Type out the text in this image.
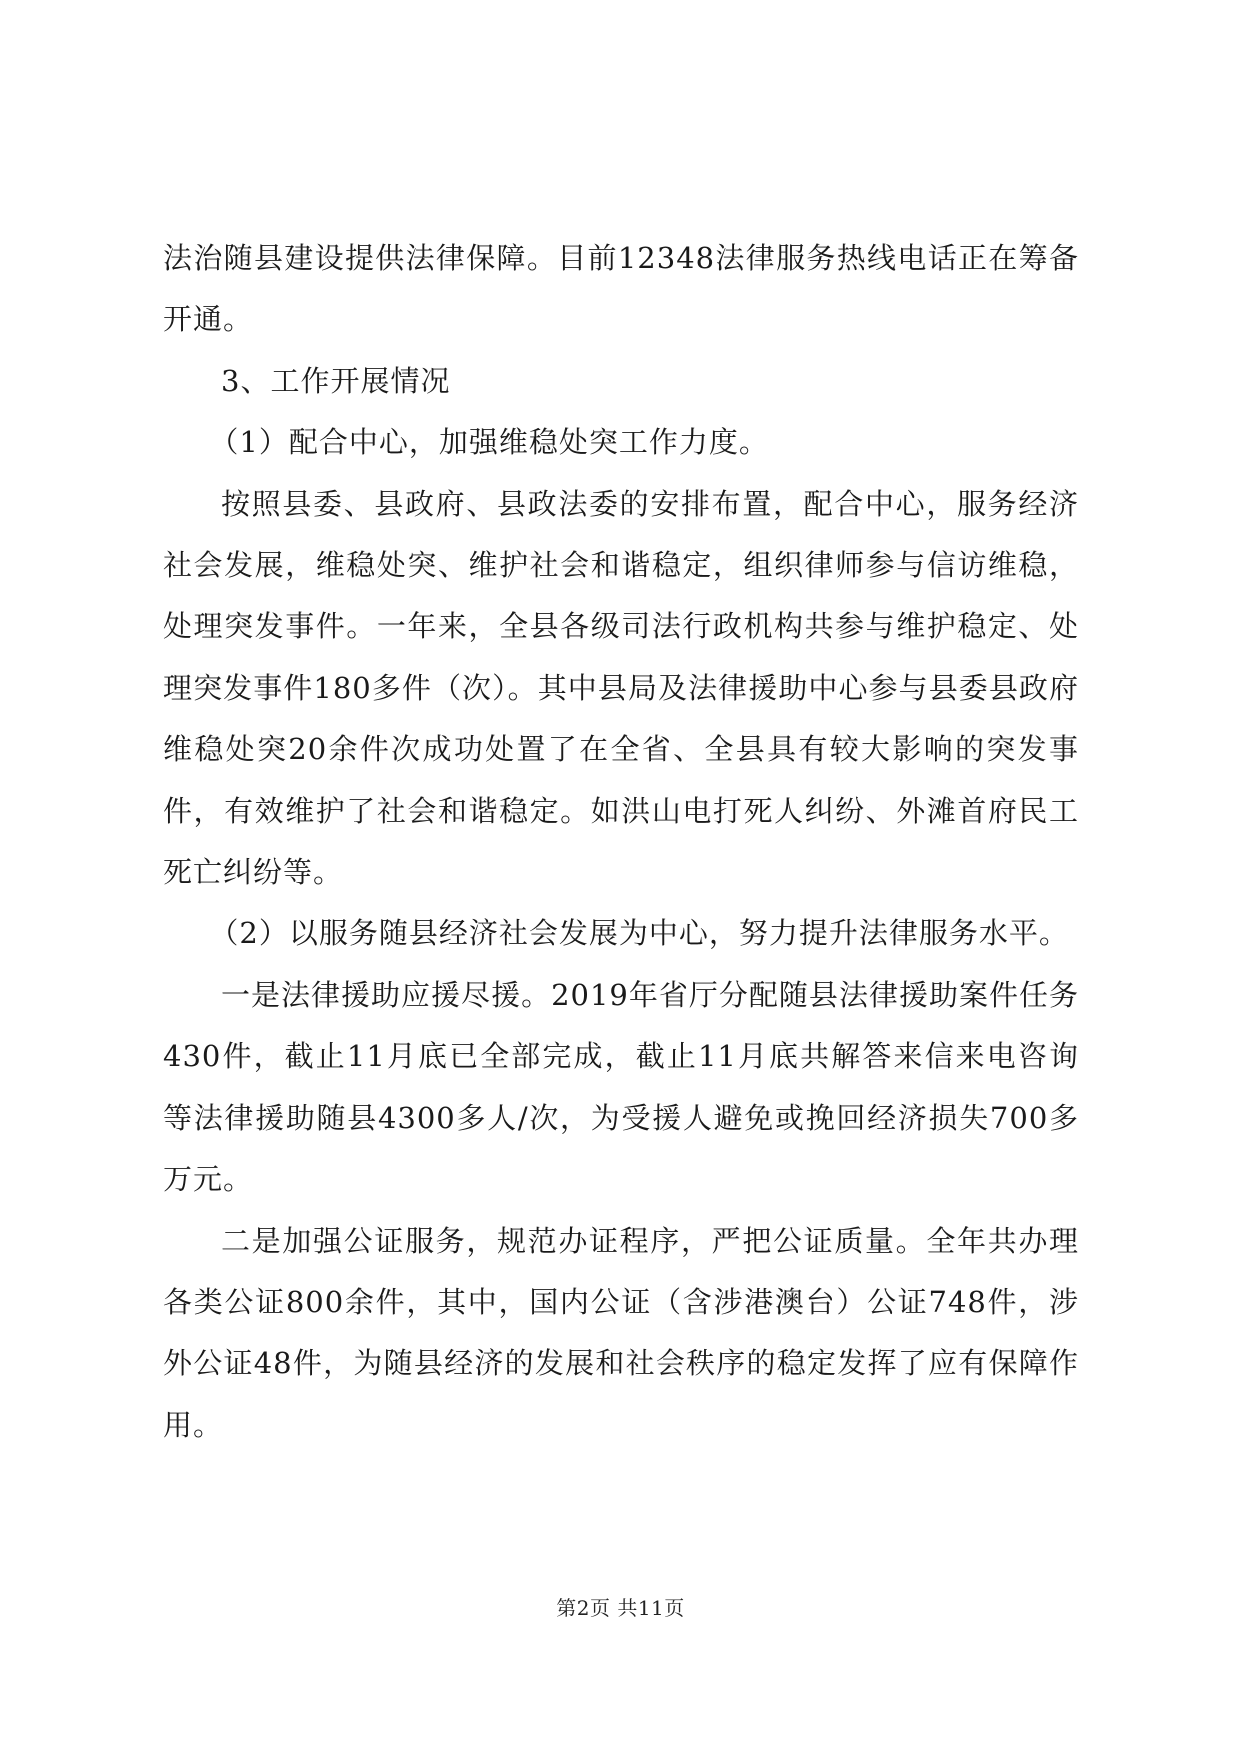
法治随县建设提供法律保障。目前12348法律服务热线电话正在筹备开通。

3、工作开展情况

（1）配合中心，加强维稳处突工作力度。

按照县委、县政府、县政法委的安排布置，配合中心，服务经济社会发展，维稳处突、维护社会和谐稳定，组织律师参与信访维稳，处理突发事件。一年来，全县各级司法行政机构共参与维护稳定、处理突发事件180多件（次）。其中县局及法律援助中心参与县委县政府维稳处突20余件次成功处置了在全省、全县具有较大影响的突发事件，有效维护了社会和谐稳定。如洪山电打死人纠纷、外滩首府民工死亡纠纷等。

（2）以服务随县经济社会发展为中心，努力提升法律服务水平。

一是法律援助应援尽援。2019年省厅分配随县法律援助案件任务430件，截止11月底已全部完成，截止11月底共解答来信来电咨询等法律援助随县4300多人/次，为受援人避免或挽回经济损失700多万元。

二是加强公证服务，规范办证程序，严把公证质量。全年共办理各类公证800余件，其中，国内公证（含涉港澳台）公证748件，涉外公证48件，为随县经济的发展和社会秩序的稳定发挥了应有保障作用。

第2页 共11页
